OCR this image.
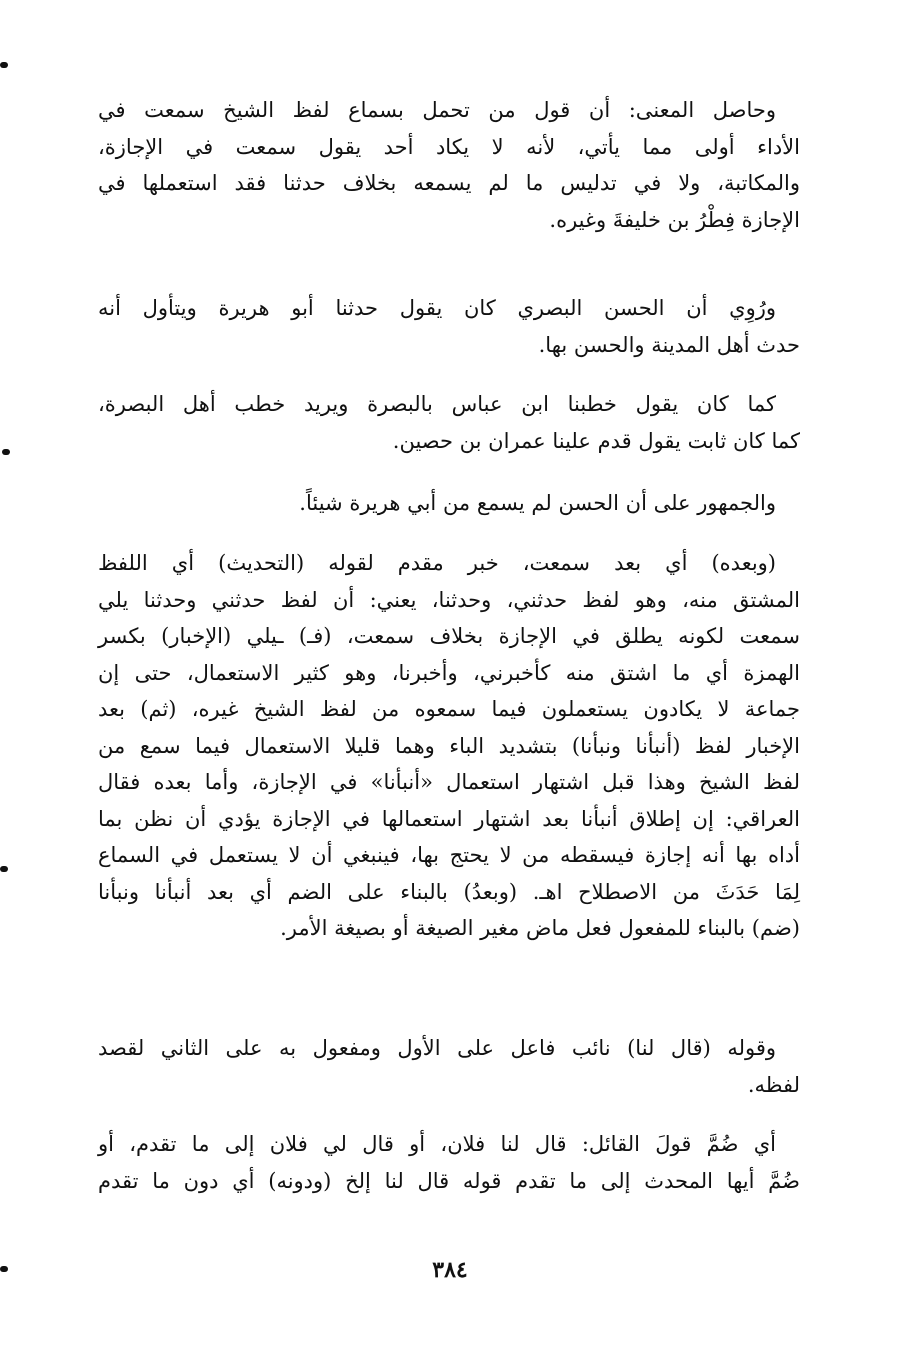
وحاصل المعنى: أن قول من تحمل بسماع لفظ الشيخ سمعت في
الأداء أولى مما يأتي، لأنه لا يكاد أحد يقول سمعت في الإجازة،
والمكاتبة، ولا في تدليس ما لم يسمعه بخلاف حدثنا فقد استعملها في
الإجازة فِطْرُ بن خليفةَ وغيره.
ورُوِي أن الحسن البصري كان يقول حدثنا أبو هريرة ويتأول أنه
حدث أهل المدينة والحسن بها.
كما كان يقول خطبنا ابن عباس بالبصرة ويريد خطب أهل البصرة،
كما كان ثابت يقول قدم علينا عمران بن حصين.
والجمهور على أن الحسن لم يسمع من أبي هريرة شيئاً.
(وبعده) أي بعد سمعت، خبر مقدم لقوله (التحديث) أي اللفظ
المشتق منه، وهو لفظ حدثني، وحدثنا، يعني: أن لفظ حدثني وحدثنا يلي
سمعت لكونه يطلق في الإجازة بخلاف سمعت، (فـ) ـيلي (الإخبار) بكسر
الهمزة أي ما اشتق منه كأخبرني، وأخبرنا، وهو كثير الاستعمال، حتى إن
جماعة لا يكادون يستعملون فيما سمعوه من لفظ الشيخ غيره، (ثم) بعد
الإخبار لفظ (أنبأنا ونبأنا) بتشديد الباء وهما قليلا الاستعمال فيما سمع من
لفظ الشيخ وهذا قبل اشتهار استعمال «أنبأنا» في الإجازة، وأما بعده فقال
العراقي: إن إطلاق أنبأنا بعد اشتهار استعمالها في الإجازة يؤدي أن نظن بما
أداه بها أنه إجازة فيسقطه من لا يحتج بها، فينبغي أن لا يستعمل في السماع
لِمَا حَدَثَ من الاصطلاح اهـ. (وبعدُ) بالبناء على الضم أي بعد أنبأنا ونبأنا
(ضم) بالبناء للمفعول فعل ماض مغير الصيغة أو بصيغة الأمر.
وقوله (قال لنا) نائب فاعل على الأول ومفعول به على الثاني لقصد
لفظه.
أي ضُمَّ قولَ القائل: قال لنا فلان، أو قال لي فلان إلى ما تقدم، أو
ضُمَّ أيها المحدث إلى ما تقدم قوله قال لنا إلخ (ودونه) أي دون ما تقدم
٣٨٤
